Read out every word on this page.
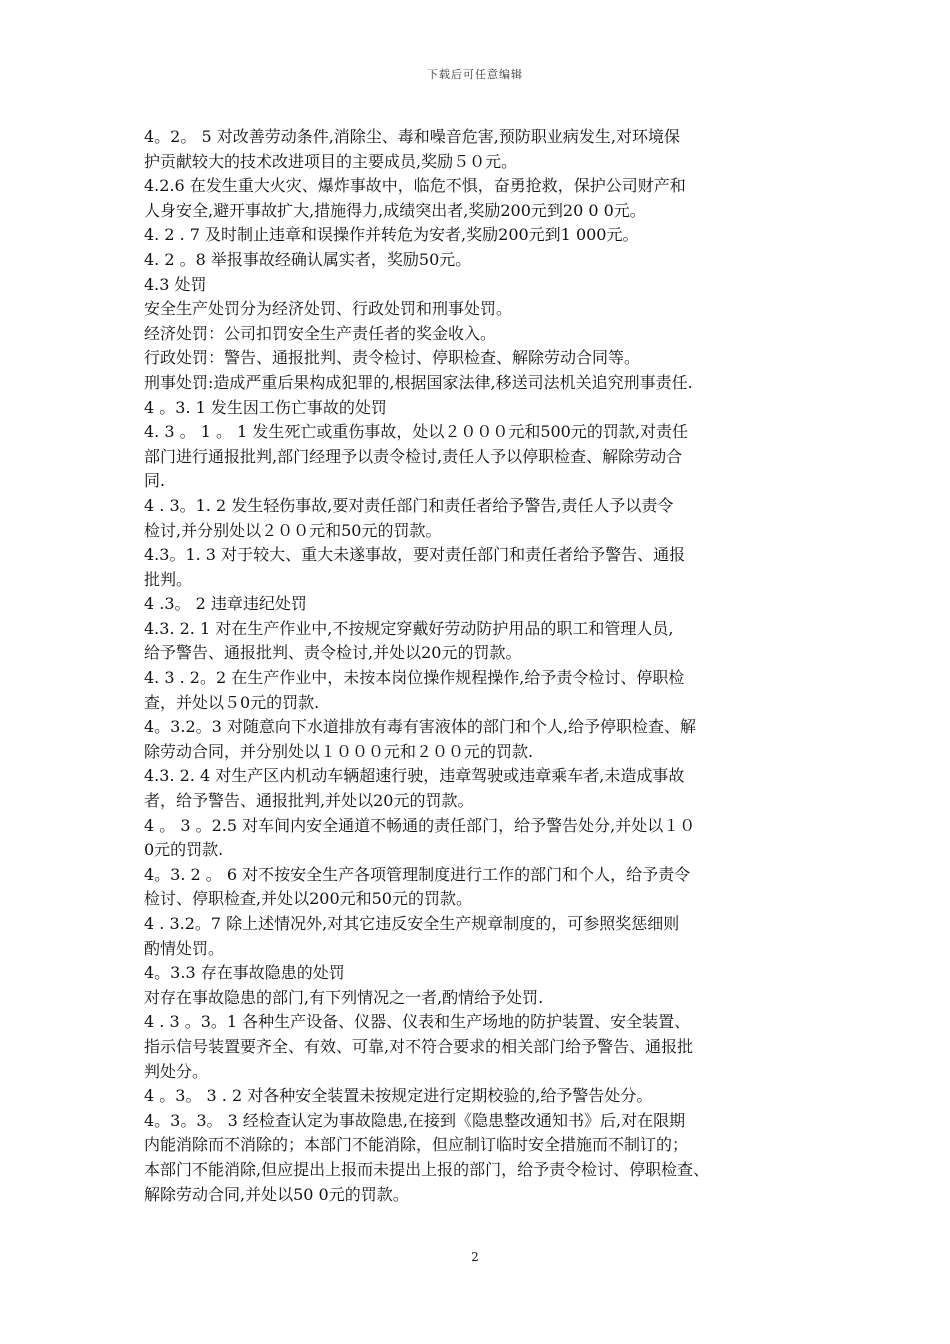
下载后可任意编辑
4。2。 5 对改善劳动条件,消除尘、毒和噪音危害,预防职业病发生,对环境保
护贡献较大的技术改进项目的主要成员,奖励５０元。
4.2.6 在发生重大火灾、爆炸事故中，临危不惧，奋勇抢救，保护公司财产和
人身安全,避开事故扩大,措施得力,成绩突出者,奖励200元到20 0 0元。
4. 2 . 7 及时制止违章和误操作并转危为安者,奖励200元到1 000元。
4. 2 。8 举报事故经确认属实者，奖励50元。
4.3 处罚
安全生产处罚分为经济处罚、行政处罚和刑事处罚。
经济处罚：公司扣罚安全生产责任者的奖金收入。
行政处罚：警告、通报批判、责令检讨、停职检查、解除劳动合同等。
刑事处罚:造成严重后果构成犯罪的,根据国家法律,移送司法机关追究刑事责任.
4 。3. 1 发生因工伤亡事故的处罚
4. 3 。 1 。 1 发生死亡或重伤事故，处以２０００元和500元的罚款,对责任
部门进行通报批判,部门经理予以责令检讨,责任人予以停职检查、解除劳动合
同.
4 . 3。1. 2 发生轻伤事故,要对责任部门和责任者给予警告,责任人予以责令
检讨,并分别处以２００元和50元的罚款。
4.3。1. 3 对于较大、重大未遂事故，要对责任部门和责任者给予警告、通报
批判。
4 .3。 2 违章违纪处罚
4.3. 2. 1 对在生产作业中,不按规定穿戴好劳动防护用品的职工和管理人员,
给予警告、通报批判、责令检讨,并处以20元的罚款。
4. 3 . 2。2 在生产作业中，未按本岗位操作规程操作,给予责令检讨、停职检
查，并处以５0元的罚款.
4。3.2。3 对随意向下水道排放有毒有害液体的部门和个人,给予停职检查、解
除劳动合同，并分别处以１０００元和２００元的罚款.
4.3. 2. 4 对生产区内机动车辆超速行驶，违章驾驶或违章乘车者,未造成事故
者，给予警告、通报批判,并处以20元的罚款。
4 。 3 。2.5 对车间内安全通道不畅通的责任部门，给予警告处分,并处以１０
0元的罚款.
4。3. 2 。 6 对不按安全生产各项管理制度进行工作的部门和个人，给予责令
检讨、停职检查,并处以200元和50元的罚款。
4 . 3.2。7 除上述情况外,对其它违反安全生产规章制度的，可参照奖惩细则
酌情处罚。
4。3.3 存在事故隐患的处罚
对存在事故隐患的部门,有下列情况之一者,酌情给予处罚.
4 . 3 。3。1 各种生产设备、仪器、仪表和生产场地的防护装置、安全装置、
指示信号装置要齐全、有效、可靠,对不符合要求的相关部门给予警告、通报批
判处分。
4 。3。 3 . 2 对各种安全装置未按规定进行定期校验的,给予警告处分。
4。3。3。 3 经检查认定为事故隐患,在接到《隐患整改通知书》后,对在限期
内能消除而不消除的；本部门不能消除，但应制订临时安全措施而不制订的；
本部门不能消除,但应提出上报而未提出上报的部门，给予责令检讨、停职检查、
解除劳动合同,并处以50 0元的罚款。
2
